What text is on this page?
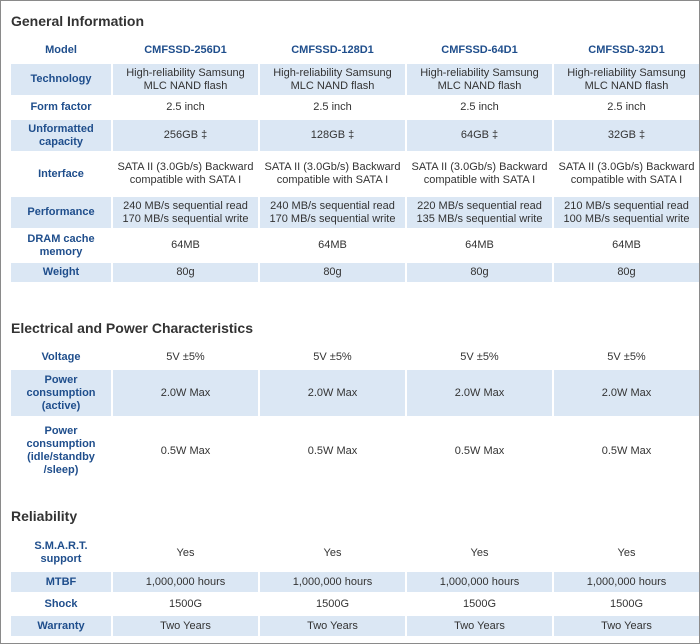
General Information
Model	CMFSSD-256D1	CMFSSD-128D1	CMFSSD-64D1	CMFSSD-32D1
Technology	High-reliability Samsung MLC NAND flash	High-reliability Samsung MLC NAND flash	High-reliability Samsung MLC NAND flash	High-reliability Samsung MLC NAND flash
Form factor	2.5 inch	2.5 inch	2.5 inch	2.5 inch
Unformatted capacity	256GB ‡	128GB ‡	64GB ‡	32GB ‡
Interface	SATA II (3.0Gb/s) Backward compatible with SATA I	SATA II (3.0Gb/s) Backward compatible with SATA I	SATA II (3.0Gb/s) Backward compatible with SATA I	SATA II (3.0Gb/s) Backward compatible with SATA I
Performance	240 MB/s sequential read 170 MB/s sequential write	240 MB/s sequential read 170 MB/s sequential write	220 MB/s sequential read 135 MB/s sequential write	210 MB/s sequential read 100 MB/s sequential write
DRAM cache memory	64MB	64MB	64MB	64MB
Weight	80g	80g	80g	80g
Electrical and Power Characteristics
Voltage	5V ±5%	5V ±5%	5V ±5%	5V ±5%
Power consumption (active)	2.0W Max	2.0W Max	2.0W Max	2.0W Max
Power consumption (idle/standby /sleep)	0.5W Max	0.5W Max	0.5W Max	0.5W Max
Reliability
S.M.A.R.T. support	Yes	Yes	Yes	Yes
MTBF	1,000,000 hours	1,000,000 hours	1,000,000 hours	1,000,000 hours
Shock	1500G	1500G	1500G	1500G
Warranty	Two Years	Two Years	Two Years	Two Years
